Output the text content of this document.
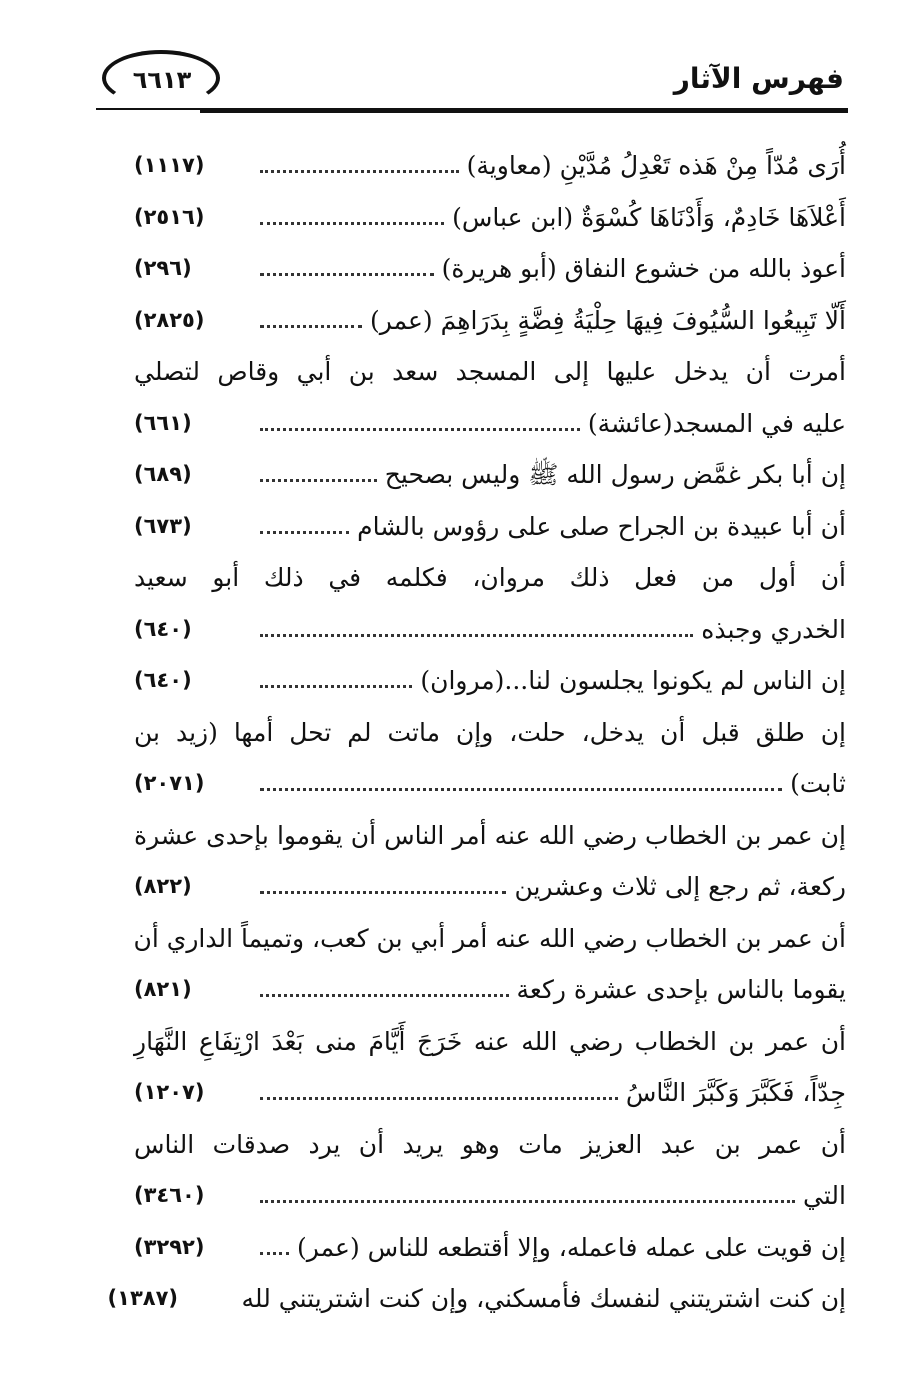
٦٦١٣	فهرس الآثار
أُرَى مُدّاً مِنْ هَذه تَعْدِلُ مُدَّيْنِ (معاوية)
(١١١٧)
أَعْلاَهَا خَادِمٌ، وَأَدْنَاهَا كُسْوَةٌ (ابن عباس)
(٢٥١٦)
أعوذ بالله من خشوع النفاق (أبو هريرة)
(٢٩٦)
أَلّا تَبِيعُوا السُّيُوفَ فِيهَا حِلْيَةُ فِضَّةٍ بِدَرَاهِمَ (عمر)
(٢٨٢٥)
أمرت أن يدخل عليها إلى المسجد سعد بن أبي وقاص لتصلي
عليه في المسجد(عائشة)
(٦٦١)
إن أبا بكر غمَّض رسول الله ﷺ وليس بصحيح
(٦٨٩)
أن أبا عبيدة بن الجراح صلى على رؤوس بالشام
(٦٧٣)
أن أول من فعل ذلك مروان، فكلمه في ذلك أبو سعيد
الخدري وجبذه
(٦٤٠)
إن الناس لم يكونوا يجلسون لنا...(مروان)
(٦٤٠)
إن طلق قبل أن يدخل، حلت، وإن ماتت لم تحل أمها (زيد بن
ثابت)
(٢٠٧١)
إن عمر بن الخطاب رضي الله عنه أمر الناس أن يقوموا بإحدى عشرة
ركعة، ثم رجع إلى ثلاث وعشرين
(٨٢٢)
أن عمر بن الخطاب رضي الله عنه أمر أبي بن كعب، وتميماً الداري أن
يقوما بالناس بإحدى عشرة ركعة
(٨٢١)
أن عمر بن الخطاب رضي الله عنه خَرَجَ أَيَّامَ منى بَعْدَ ارْتِفَاعِ النَّهَارِ
جِدّاً، فَكَبَّرَ وَكَبَّرَ النَّاسُ
(١٢٠٧)
أن عمر بن عبد العزيز مات وهو يريد أن يرد صدقات الناس
التي
(٣٤٦٠)
إن قويت على عمله فاعمله، وإلا أقتطعه للناس (عمر)
(٣٢٩٢)
إن كنت اشتريتني لنفسك فأمسكني، وإن كنت اشتريتني لله
(١٣٨٧)
